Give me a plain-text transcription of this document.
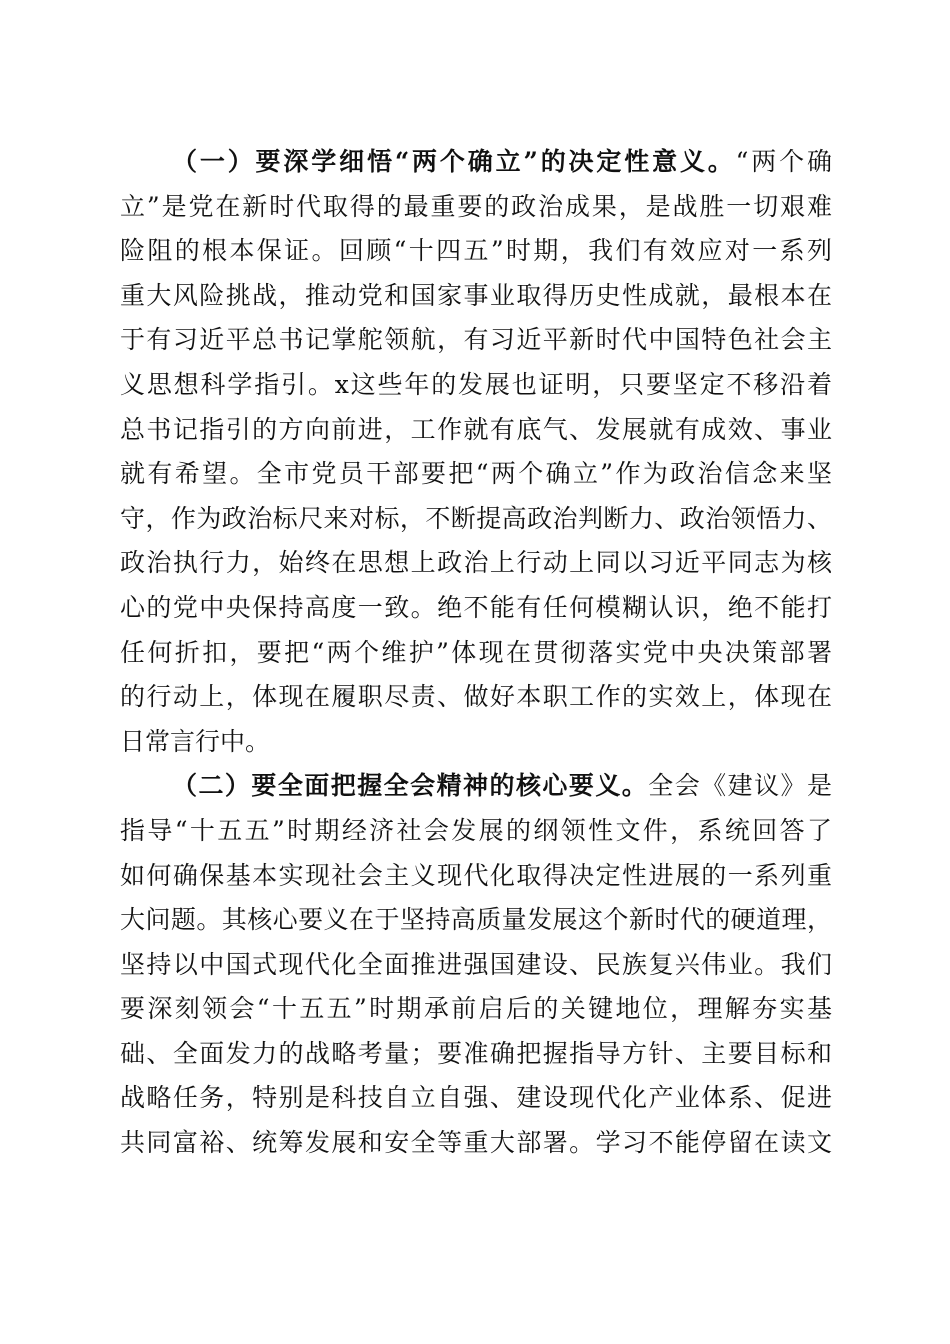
（一）要深学细悟“两个确立”的决定性意义。“两个确
立”是党在新时代取得的最重要的政治成果，是战胜一切艰难
险阻的根本保证。回顾“十四五”时期，我们有效应对一系列
重大风险挑战，推动党和国家事业取得历史性成就，最根本在
于有习近平总书记掌舵领航，有习近平新时代中国特色社会主
义思想科学指引。x这些年的发展也证明，只要坚定不移沿着
总书记指引的方向前进，工作就有底气、发展就有成效、事业
就有希望。全市党员干部要把“两个确立”作为政治信念来坚
守，作为政治标尺来对标，不断提高政治判断力、政治领悟力、
政治执行力，始终在思想上政治上行动上同以习近平同志为核
心的党中央保持高度一致。绝不能有任何模糊认识，绝不能打
任何折扣，要把“两个维护”体现在贯彻落实党中央决策部署
的行动上，体现在履职尽责、做好本职工作的实效上，体现在
日常言行中。
（二）要全面把握全会精神的核心要义。全会《建议》是
指导“十五五”时期经济社会发展的纲领性文件，系统回答了
如何确保基本实现社会主义现代化取得决定性进展的一系列重
大问题。其核心要义在于坚持高质量发展这个新时代的硬道理，
坚持以中国式现代化全面推进强国建设、民族复兴伟业。我们
要深刻领会“十五五”时期承前启后的关键地位，理解夯实基
础、全面发力的战略考量；要准确把握指导方针、主要目标和
战略任务，特别是科技自立自强、建设现代化产业体系、促进
共同富裕、统筹发展和安全等重大部署。学习不能停留在读文
